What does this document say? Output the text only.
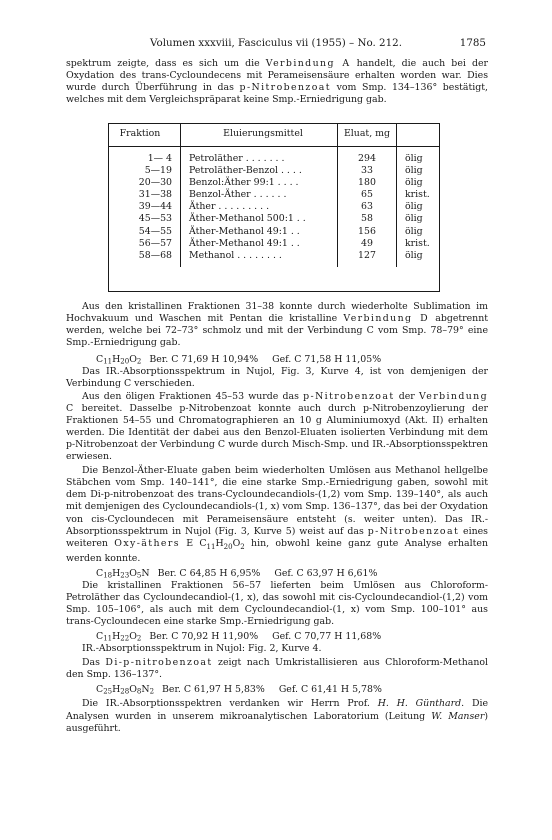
Volumen xxxviii, Fasciculus vii (1955) – No. 212.	1785

spektrum zeigte, dass es sich um die Verbindung A handelt, die auch bei der Oxydation des trans-Cycloundecens mit Perameisensäure erhalten worden war. Dies wurde durch Überführung in das p-Nitrobenzoat vom Smp. 134–136° bestätigt, welches mit dem Vergleichspräparat keine Smp.-Erniedrigung gab.

Fraktion	Eluierungsmittel	Eluat, mg	
1— 4	Petroläther . . . . . . .	294	ölig
5—19	Petroläther-Benzol . . . .	33	ölig
20—30	Benzol:Äther 99:1 . . . .	180	ölig
31—38	Benzol-Äther . . . . . .	65	krist.
39—44	Äther . . . . . . . . .	63	ölig
45—53	Äther-Methanol 500:1 . .	58	ölig
54—55	Äther-Methanol 49:1 . .	156	ölig
56—57	Äther-Methanol 49:1 . .	49	krist.
58—68	Methanol . . . . . . . .	127	ölig

Aus den kristallinen Fraktionen 31–38 konnte durch wiederholte Sublimation im Hochvakuum und Waschen mit Pentan die kristalline Verbindung D abgetrennt werden, welche bei 72–73° schmolz und mit der Verbindung C vom Smp. 78–79° eine Smp.-Erniedrigung gab.

$C_{11}H_{20}O_2$ Ber. C 71,69 H 10,94% Gef. C 71,58 H 11,05%

Das IR.-Absorptionsspektrum in Nujol, Fig. 3, Kurve 4, ist von demjenigen der Verbindung C verschieden.

Aus den öligen Fraktionen 45–53 wurde das p-Nitrobenzoat der Verbindung C bereitet. Dasselbe p-Nitrobenzoat konnte auch durch p-Nitrobenzoylierung der Fraktionen 54–55 und Chromatographieren an 10 g Aluminiumoxyd (Akt. II) erhalten werden. Die Identität der dabei aus den Benzol-Eluaten isolierten Verbindung mit dem p-Nitrobenzoat der Verbindung C wurde durch Misch-Smp. und IR.-Absorptionsspektren erwiesen.

Die Benzol-Äther-Eluate gaben beim wiederholten Umlösen aus Methanol hellgelbe Stäbchen vom Smp. 140–141°, die eine starke Smp.-Erniedrigung gaben, sowohl mit dem Di-p-nitrobenzoat des trans-Cycloundecandiols-(1,2) vom Smp. 139–140°, als auch mit demjenigen des Cycloundecandiols-(1, x) vom Smp. 136–137°, das bei der Oxydation von cis-Cycloundecen mit Perameisensäure entsteht (s. weiter unten). Das IR.-Absorptionsspektrum in Nujol (Fig. 3, Kurve 5) weist auf das p-Nitrobenzoat eines weiteren Oxy-äthers E $C_{11}H_{20}O_2$ hin, obwohl keine ganz gute Analyse erhalten werden konnte.

$C_{18}H_{23}O_5N$ Ber. C 64,85 H 6,95% Gef. C 63,97 H 6,61%

Die kristallinen Fraktionen 56–57 lieferten beim Umlösen aus Chloroform-Petroläther das Cycloundecandiol-(1, x), das sowohl mit cis-Cycloundecandiol-(1,2) vom Smp. 105–106°, als auch mit dem Cycloundecandiol-(1, x) vom Smp. 100–101° aus trans-Cycloundecen eine starke Smp.-Erniedrigung gab.

$C_{11}H_{22}O_2$ Ber. C 70,92 H 11,90% Gef. C 70,77 H 11,68%

IR.-Absorptionsspektrum in Nujol: Fig. 2, Kurve 4.

Das Di-p-nitrobenzoat zeigt nach Umkristallisieren aus Chloroform-Methanol den Smp. 136–137°.

$C_{25}H_{28}O_8N_2$ Ber. C 61,97 H 5,83% Gef. C 61,41 H 5,78%

Die IR.-Absorptionsspektren verdanken wir Herrn Prof. H. H. Günthard. Die Analysen wurden in unserem mikroanalytischen Laboratorium (Leitung W. Manser) ausgeführt.
